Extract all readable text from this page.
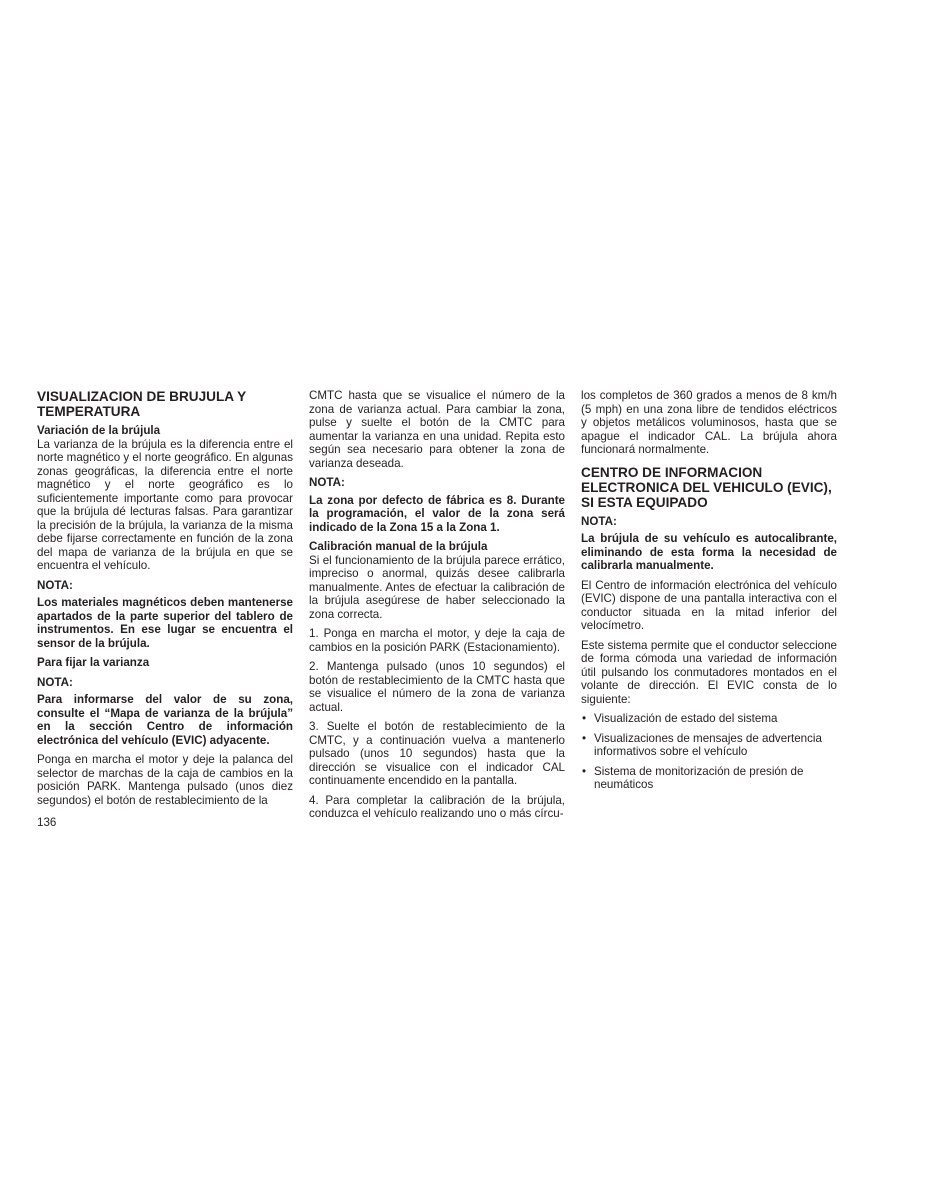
VISUALIZACION DE BRUJULA Y TEMPERATURA
Variación de la brújula
La varianza de la brújula es la diferencia entre el norte magnético y el norte geográfico. En algunas zonas geográficas, la diferencia entre el norte magnético y el norte geográfico es lo suficientemente importante como para provocar que la brújula dé lecturas falsas. Para garantizar la precisión de la brújula, la varianza de la misma debe fijarse correctamente en función de la zona del mapa de varianza de la brújula en que se encuentra el vehículo.
NOTA:
Los materiales magnéticos deben mantenerse apartados de la parte superior del tablero de instrumentos. En ese lugar se encuentra el sensor de la brújula.
Para fijar la varianza
NOTA:
Para informarse del valor de su zona, consulte el “Mapa de varianza de la brújula” en la sección Centro de información electrónica del vehículo (EVIC) adyacente.
Ponga en marcha el motor y deje la palanca del selector de marchas de la caja de cambios en la posición PARK. Mantenga pulsado (unos diez segundos) el botón de restablecimiento de la
CMTC hasta que se visualice el número de la zona de varianza actual. Para cambiar la zona, pulse y suelte el botón de la CMTC para aumentar la varianza en una unidad. Repita esto según sea necesario para obtener la zona de varianza deseada.
NOTA:
La zona por defecto de fábrica es 8. Durante la programación, el valor de la zona será indicado de la Zona 15 a la Zona 1.
Calibración manual de la brújula
Si el funcionamiento de la brújula parece errático, impreciso o anormal, quizás desee calibrarla manualmente. Antes de efectuar la calibración de la brújula asegúrese de haber seleccionado la zona correcta.
1. Ponga en marcha el motor, y deje la caja de cambios en la posición PARK (Estacionamiento).
2. Mantenga pulsado (unos 10 segundos) el botón de restablecimiento de la CMTC hasta que se visualice el número de la zona de varianza actual.
3. Suelte el botón de restablecimiento de la CMTC, y a continuación vuelva a mantenerlo pulsado (unos 10 segundos) hasta que la dirección se visualice con el indicador CAL continuamente encendido en la pantalla.
4. Para completar la calibración de la brújula, conduzca el vehículo realizando uno o más círcu-
los completos de 360 grados a menos de 8 km/h (5 mph) en una zona libre de tendidos eléctricos y objetos metálicos voluminosos, hasta que se apague el indicador CAL. La brújula ahora funcionará normalmente.
CENTRO DE INFORMACION ELECTRONICA DEL VEHICULO (EVIC), SI ESTA EQUIPADO
NOTA:
La brújula de su vehículo es autocalibrante, eliminando de esta forma la necesidad de calibrarla manualmente.
El Centro de información electrónica del vehículo (EVIC) dispone de una pantalla interactiva con el conductor situada en la mitad inferior del velocímetro.
Este sistema permite que el conductor seleccione de forma cómoda una variedad de información útil pulsando los conmutadores montados en el volante de dirección. El EVIC consta de lo siguiente:
• Visualización de estado del sistema
• Visualizaciones de mensajes de advertencia informativos sobre el vehículo
• Sistema de monitorización de presión de neumáticos
136
